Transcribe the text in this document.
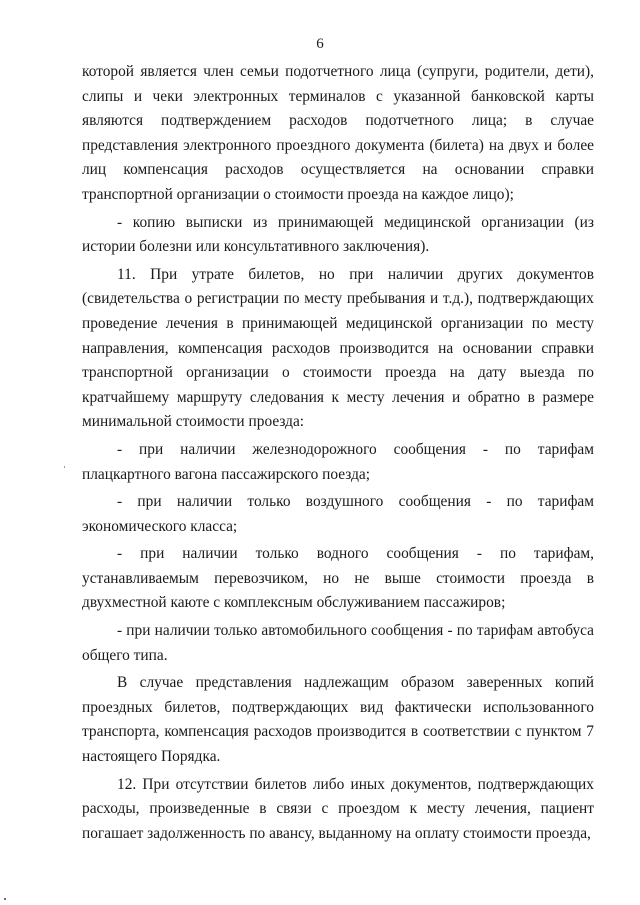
6

которой является член семьи подотчетного лица (супруги, родители, дети), слипы и чеки электронных терминалов с указанной банковской карты являются подтверждением расходов подотчетного лица; в случае представления электронного проездного документа (билета) на двух и более лиц компенсация расходов осуществляется на основании справки транспортной организации о стоимости проезда на каждое лицо);

- копию выписки из принимающей медицинской организации (из истории болезни или консультативного заключения).

11. При утрате билетов, но при наличии других документов (свидетельства о регистрации по месту пребывания и т.д.), подтверждающих проведение лечения в принимающей медицинской организации по месту направления, компенсация расходов производится на основании справки транспортной организации о стоимости проезда на дату выезда по кратчайшему маршруту следования к месту лечения и обратно в размере минимальной стоимости проезда:

- при наличии железнодорожного сообщения - по тарифам плацкартного вагона пассажирского поезда;

- при наличии только воздушного сообщения - по тарифам экономического класса;

- при наличии только водного сообщения - по тарифам, устанавливаемым перевозчиком, но не выше стоимости проезда в двухместной каюте с комплексным обслуживанием пассажиров;

- при наличии только автомобильного сообщения - по тарифам автобуса общего типа.

В случае представления надлежащим образом заверенных копий проездных билетов, подтверждающих вид фактически использованного транспорта, компенсация расходов производится в соответствии с пунктом 7 настоящего Порядка.

12. При отсутствии билетов либо иных документов, подтверждающих расходы, произведенные в связи с проездом к месту лечения, пациент погашает задолженность по авансу, выданному на оплату стоимости проезда,
